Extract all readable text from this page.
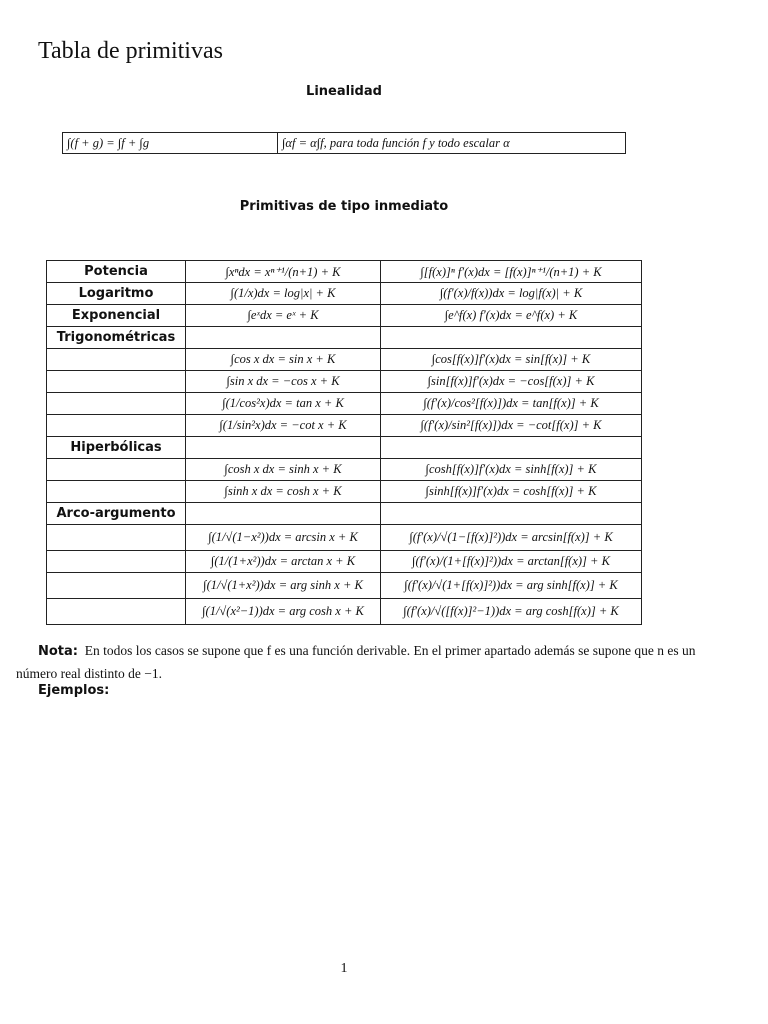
Tabla de primitivas
Linealidad
∫(f + g) = ∫f + ∫g	∫αf = α∫f, para toda función f y todo escalar α
Primitivas de tipo inmediato
Potencia	∫xⁿdx = xⁿ⁺¹/(n+1) + K	∫[f(x)]ⁿ f′(x)dx = [f(x)]ⁿ⁺¹/(n+1) + K
Logaritmo	∫(1/x)dx = log|x| + K	∫(f′(x)/f(x))dx = log|f(x)| + K
Exponencial	∫eˣdx = eˣ + K	∫e^f(x) f′(x)dx = e^f(x) + K
Trigonométricas		
	∫cos x dx = sin x + K	∫cos[f(x)]f′(x)dx = sin[f(x)] + K
	∫sin x dx = −cos x + K	∫sin[f(x)]f′(x)dx = −cos[f(x)] + K
	∫(1/cos²x)dx = tan x + K	∫(f′(x)/cos²[f(x)])dx = tan[f(x)] + K
	∫(1/sin²x)dx = −cot x + K	∫(f′(x)/sin²[f(x)])dx = −cot[f(x)] + K
Hiperbólicas		
	∫cosh x dx = sinh x + K	∫cosh[f(x)]f′(x)dx = sinh[f(x)] + K
	∫sinh x dx = cosh x + K	∫sinh[f(x)]f′(x)dx = cosh[f(x)] + K
Arco-argumento		
	∫(1/√(1−x²))dx = arcsin x + K	∫(f′(x)/√(1−[f(x)]²))dx = arcsin[f(x)] + K
	∫(1/(1+x²))dx = arctan x + K	∫(f′(x)/(1+[f(x)]²))dx = arctan[f(x)] + K
	∫(1/√(1+x²))dx = arg sinh x + K	∫(f′(x)/√(1+[f(x)]²))dx = arg sinh[f(x)] + K
	∫(1/√(x²−1))dx = arg cosh x + K	∫(f′(x)/√([f(x)]²−1))dx = arg cosh[f(x)] + K
Nota: En todos los casos se supone que f es una función derivable. En el primer apartado además se supone que n es un número real distinto de −1.
Ejemplos:
1
